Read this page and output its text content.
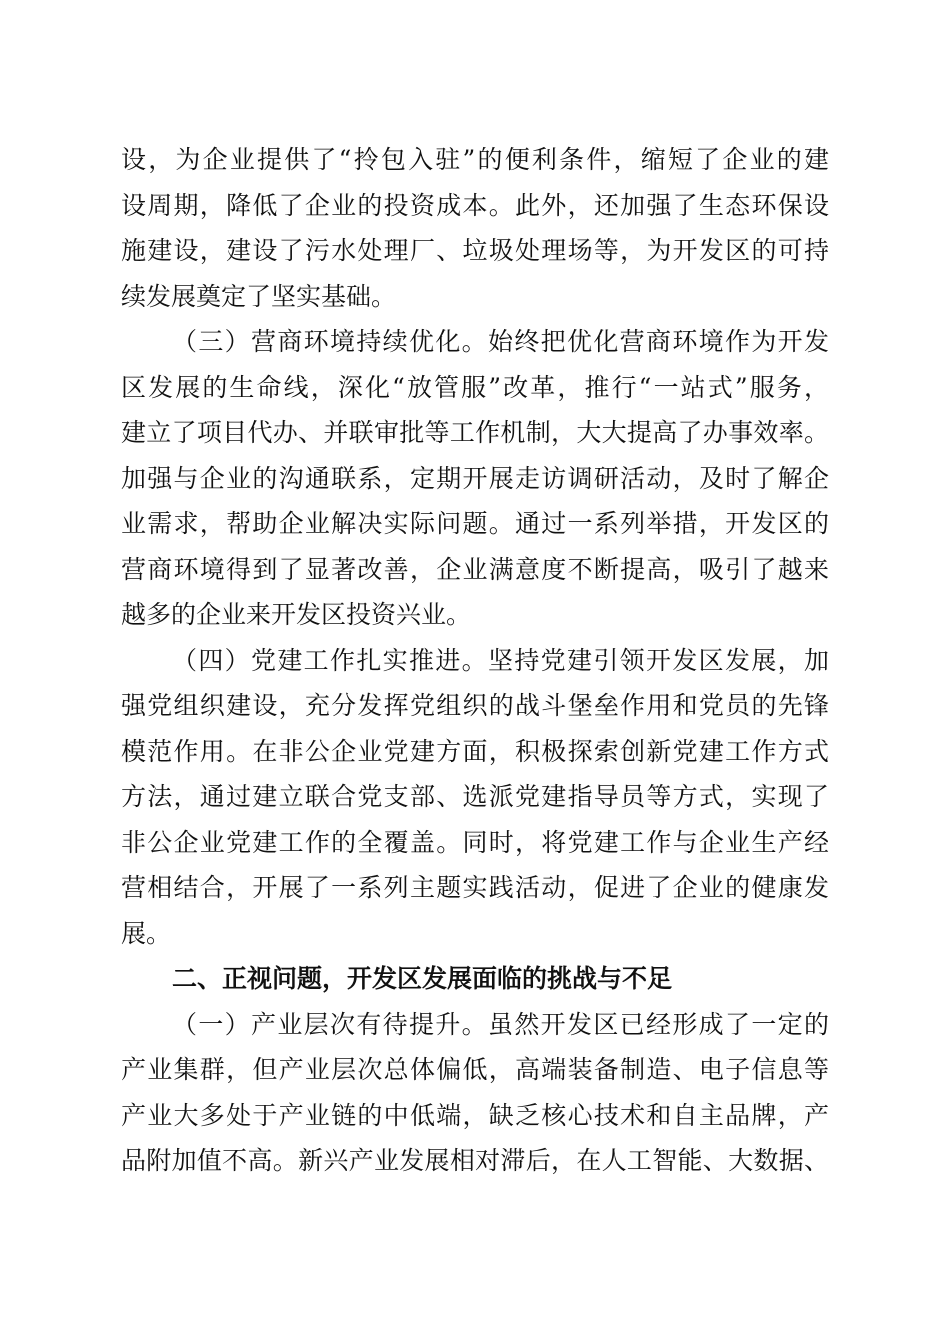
设，为企业提供了“拎包入驻”的便利条件，缩短了企业的建
设周期，降低了企业的投资成本。此外，还加强了生态环保设
施建设，建设了污水处理厂、垃圾处理场等，为开发区的可持
续发展奠定了坚实基础。
（三）营商环境持续优化。始终把优化营商环境作为开发
区发展的生命线，深化“放管服”改革，推行“一站式”服务，
建立了项目代办、并联审批等工作机制，大大提高了办事效率。
加强与企业的沟通联系，定期开展走访调研活动，及时了解企
业需求，帮助企业解决实际问题。通过一系列举措，开发区的
营商环境得到了显著改善，企业满意度不断提高，吸引了越来
越多的企业来开发区投资兴业。
（四）党建工作扎实推进。坚持党建引领开发区发展，加
强党组织建设，充分发挥党组织的战斗堡垒作用和党员的先锋
模范作用。在非公企业党建方面，积极探索创新党建工作方式
方法，通过建立联合党支部、选派党建指导员等方式，实现了
非公企业党建工作的全覆盖。同时，将党建工作与企业生产经
营相结合，开展了一系列主题实践活动，促进了企业的健康发
展。
二、正视问题，开发区发展面临的挑战与不足
（一）产业层次有待提升。虽然开发区已经形成了一定的
产业集群，但产业层次总体偏低，高端装备制造、电子信息等
产业大多处于产业链的中低端，缺乏核心技术和自主品牌，产
品附加值不高。新兴产业发展相对滞后，在人工智能、大数据、
